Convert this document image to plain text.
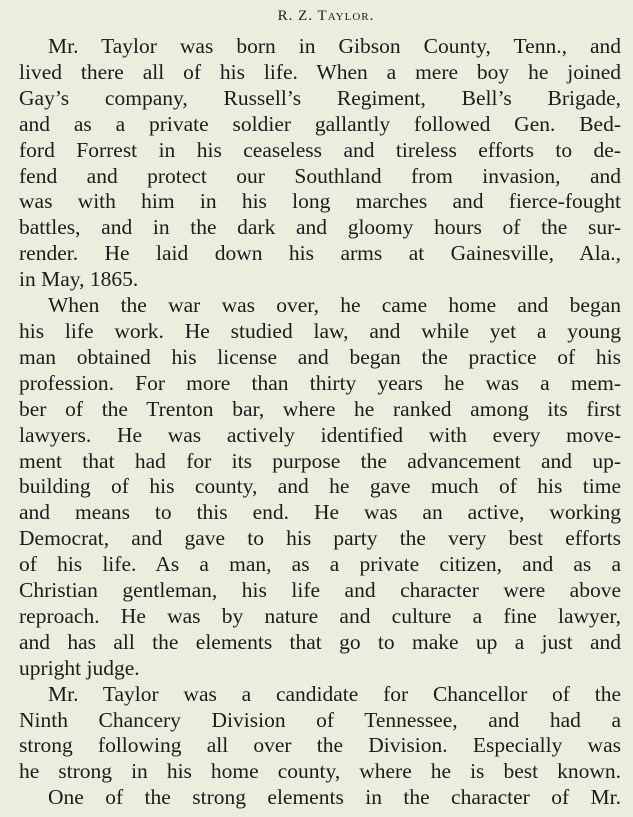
R. Z. Taylor.
Mr. Taylor was born in Gibson County, Tenn., and
lived there all of his life. When a mere boy he joined
Gay’s company, Russell’s Regiment, Bell’s Brigade,
and as a private soldier gallantly followed Gen. Bed-
ford Forrest in his ceaseless and tireless efforts to de-
fend and protect our Southland from invasion, and
was with him in his long marches and fierce-fought
battles, and in the dark and gloomy hours of the sur-
render. He laid down his arms at Gainesville, Ala.,
in May, 1865.
When the war was over, he came home and began
his life work. He studied law, and while yet a young
man obtained his license and began the practice of his
profession. For more than thirty years he was a mem-
ber of the Trenton bar, where he ranked among its first
lawyers. He was actively identified with every move-
ment that had for its purpose the advancement and up-
building of his county, and he gave much of his time
and means to this end. He was an active, working
Democrat, and gave to his party the very best efforts
of his life. As a man, as a private citizen, and as a
Christian gentleman, his life and character were above
reproach. He was by nature and culture a fine lawyer,
and has all the elements that go to make up a just and
upright judge.
Mr. Taylor was a candidate for Chancellor of the
Ninth Chancery Division of Tennessee, and had a
strong following all over the Division. Especially was
he strong in his home county, where he is best known.
One of the strong elements in the character of Mr.
